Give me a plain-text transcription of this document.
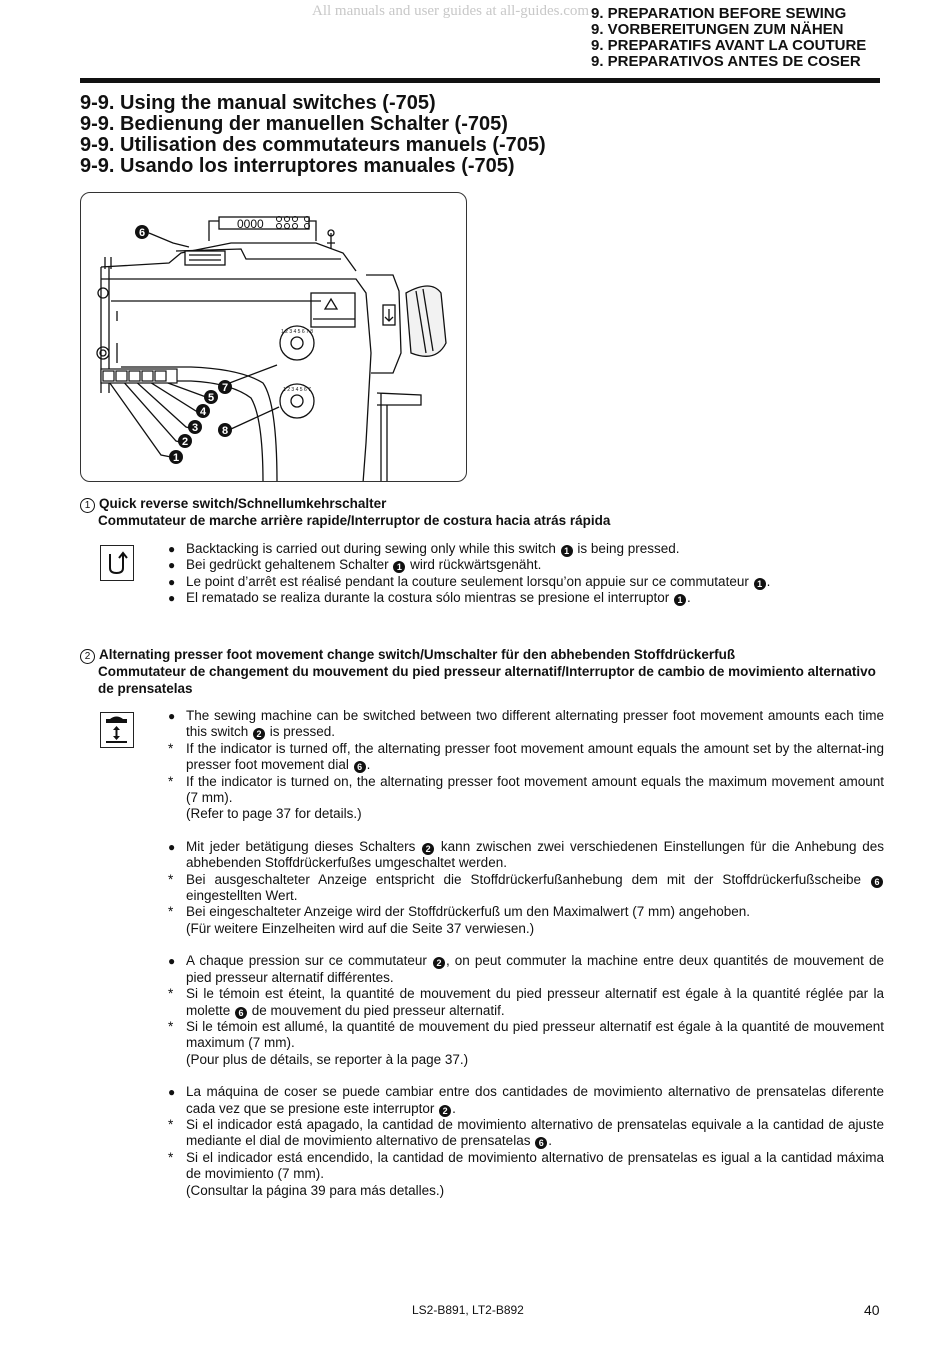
All manuals and user guides at all-guides.com 9. PREPARATION BEFORE SEWING
9. VORBEREITUNGEN ZUM NÄHEN
9. PREPARATIFS AVANT LA COUTURE
9. PREPARATIVOS ANTES DE COSER
9-9. Using the manual switches (-705)
9-9. Bedienung der manuellen Schalter (-705)
9-9. Utilisation des commutateurs manuels (-705)
9-9. Usando los interruptores manuales (-705)
0000
1 2 3 4 5 6 7 8
1 2 3 4 5 6 7
1
2
3
4
5
6
7
8
1 Quick reverse switch/Schnellumkehrschalter
Commutateur de marche arrière rapide/Interruptor de costura hacia atrás rápida
● Backtacking is carried out during sewing only while this switch 1 is being pressed.
● Bei gedrückt gehaltenem Schalter 1 wird rückwärtsgenäht.
● Le point d’arrêt est réalisé pendant la couture seulement lorsqu’on appuie sur ce commutateur 1 .
● El rematado se realiza durante la costura sólo mientras se presione el interruptor 1 .
2 Alternating presser foot movement change switch/Umschalter für den abhebenden Stoffdrückerfuß
Commutateur de changement du mouvement du pied presseur alternatif/Interruptor de cambio de movimiento alternativo de prensatelas
● The sewing machine can be switched between two different alternating presser foot movement amounts each time this switch 2 is pressed.
* If the indicator is turned off, the alternating presser foot movement amount equals the amount set by the alternat-ing presser foot movement dial 6 .
* If the indicator is turned on, the alternating presser foot movement amount equals the maximum movement amount (7 mm).
(Refer to page 37 for details.)
● Mit jeder betätigung dieses Schalters 2 kann zwischen zwei verschiedenen Einstellungen für die Anhebung des abhebenden Stoffdrückerfußes umgeschaltet werden.
* Bei ausgeschalteter Anzeige entspricht die Stoffdrückerfußanhebung dem mit der Stoffdrückerfußscheibe 6 eingestellten Wert.
* Bei eingeschalteter Anzeige wird der Stoffdrückerfuß um den Maximalwert (7 mm) angehoben.
(Für weitere Einzelheiten wird auf die Seite 37 verwiesen.)
● A chaque pression sur ce commutateur 2 , on peut commuter la machine entre deux quantités de mouvement de pied presseur alternatif différentes.
* Si le témoin est éteint, la quantité de mouvement du pied presseur alternatif est égale à la quantité réglée par la molette 6 de mouvement du pied presseur alternatif.
* Si le témoin est allumé, la quantité de mouvement du pied presseur alternatif est égale à la quantité de mouvement maximum (7 mm).
(Pour plus de détails, se reporter à la page 37.)
● La máquina de coser se puede cambiar entre dos cantidades de movimiento alternativo de prensatelas diferente cada vez que se presione este interruptor 2 .
* Si el indicador está apagado, la cantidad de movimiento alternativo de prensatelas equivale a la cantidad de ajuste mediante el dial de movimiento alternativo de prensatelas 6 .
* Si el indicador está encendido, la cantidad de movimiento alternativo de prensatelas es igual a la cantidad máxima de movimiento (7 mm).
(Consultar la página 39 para más detalles.)
LS2-B891, LT2-B892	40
